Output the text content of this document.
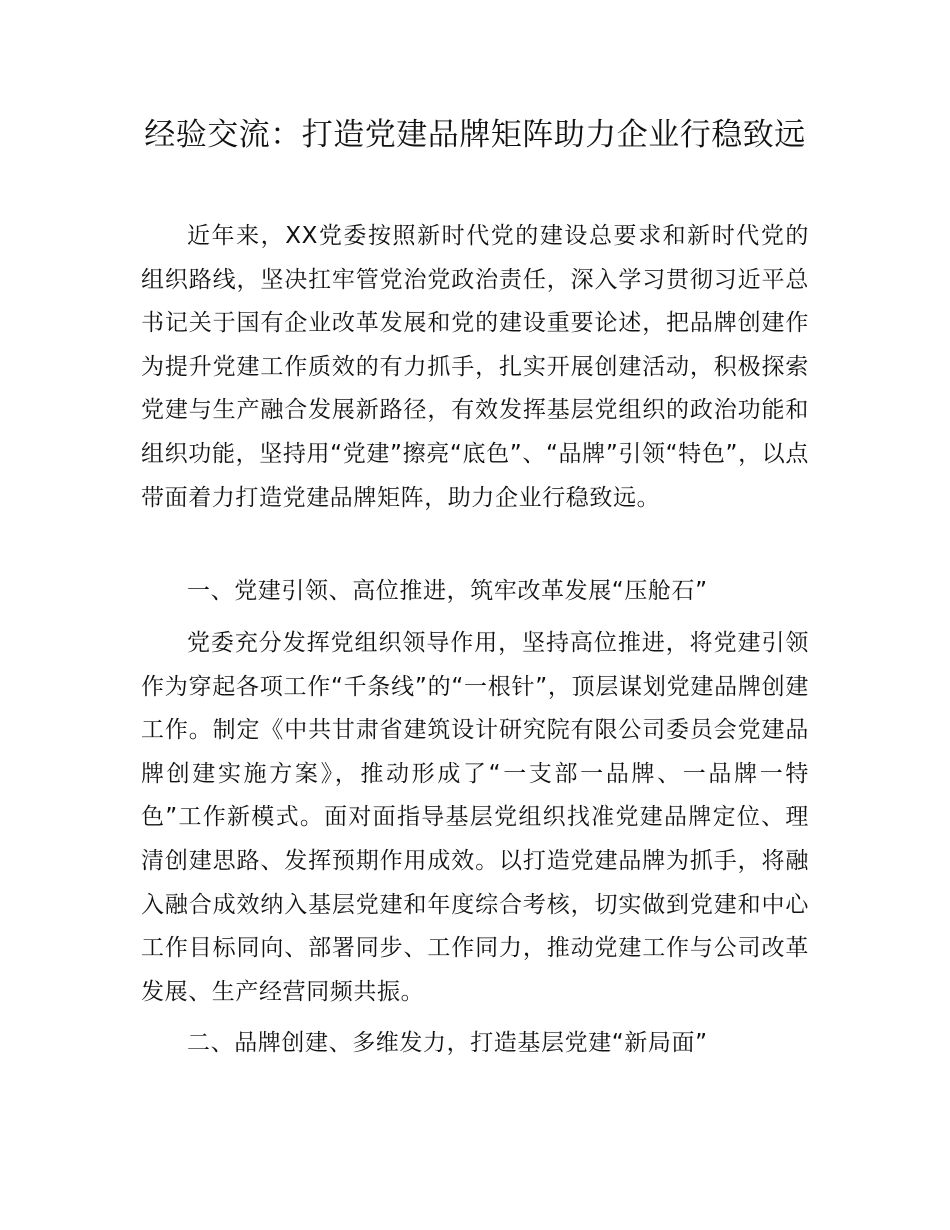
经验交流：打造党建品牌矩阵助力企业行稳致远

近年来，XX党委按照新时代党的建设总要求和新时代党的组织路线，坚决扛牢管党治党政治责任，深入学习贯彻习近平总书记关于国有企业改革发展和党的建设重要论述，把品牌创建作为提升党建工作质效的有力抓手，扎实开展创建活动，积极探索党建与生产融合发展新路径，有效发挥基层党组织的政治功能和组织功能，坚持用“党建”擦亮“底色”、“品牌”引领“特色”，以点带面着力打造党建品牌矩阵，助力企业行稳致远。

一、党建引领、高位推进，筑牢改革发展“压舱石”

党委充分发挥党组织领导作用，坚持高位推进，将党建引领作为穿起各项工作“千条线”的“一根针”，顶层谋划党建品牌创建工作。制定《中共甘肃省建筑设计研究院有限公司委员会党建品牌创建实施方案》，推动形成了“一支部一品牌、一品牌一特色”工作新模式。面对面指导基层党组织找准党建品牌定位、理清创建思路、发挥预期作用成效。以打造党建品牌为抓手，将融入融合成效纳入基层党建和年度综合考核，切实做到党建和中心工作目标同向、部署同步、工作同力，推动党建工作与公司改革发展、生产经营同频共振。

二、品牌创建、多维发力，打造基层党建“新局面”
